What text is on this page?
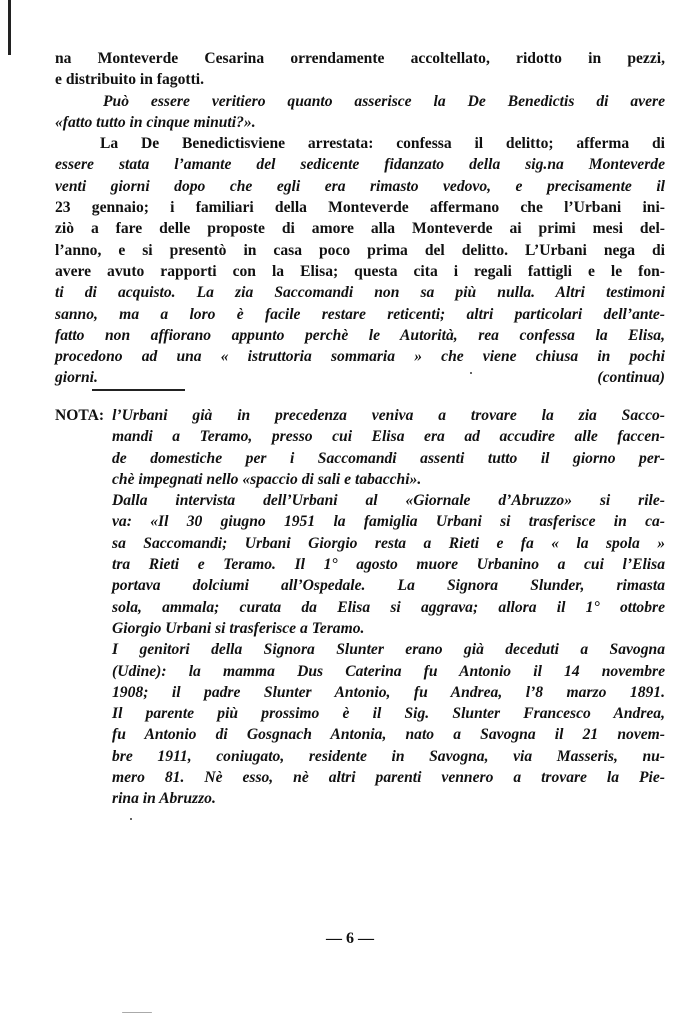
na Monteverde Cesarina orrendamente accoltellato, ridotto in pezzi,
e distribuito in fagotti.
Può essere veritiero quanto asserisce la De Benedictis di avere
«fatto tutto in cinque minuti?».
La De Benedictisviene arrestata: confessa il delitto; afferma di
essere stata l’amante del sedicente fidanzato della sig.na Monteverde
venti giorni dopo che egli era rimasto vedovo, e precisamente il
23 gennaio; i familiari della Monteverde affermano che l’Urbani ini-
ziò a fare delle proposte di amore alla Monteverde ai primi mesi del-
l’anno, e si presentò in casa poco prima del delitto. L’Urbani nega di
avere avuto rapporti con la Elisa; questa cita i regali fattigli e le fon-
ti di acquisto. La zia Saccomandi non sa più nulla. Altri testimoni
sanno, ma a loro è facile restare reticenti; altri particolari dell’ante-
fatto non affiorano appunto perchè le Autorità, rea confessa la Elisa,
procedono ad una « istruttoria sommaria » che viene chiusa in pochi
giorni.	(continua)
NOTA: l’Urbani già in precedenza veniva a trovare la zia Sacco-
mandi a Teramo, presso cui Elisa era ad accudire alle faccen-
de domestiche per i Saccomandi assenti tutto il giorno per-
chè impegnati nello «spaccio di sali e tabacchi».
Dalla intervista dell’Urbani al «Giornale d’Abruzzo» si rile-
va: «Il 30 giugno 1951 la famiglia Urbani si trasferisce in ca-
sa Saccomandi; Urbani Giorgio resta a Rieti e fa « la spola »
tra Rieti e Teramo. Il 1° agosto muore Urbanino a cui l’Elisa
portava dolciumi all’Ospedale. La Signora Slunder, rimasta
sola, ammala; curata da Elisa si aggrava; allora il 1° ottobre
Giorgio Urbani si trasferisce a Teramo.
I genitori della Signora Slunter erano già deceduti a Savogna
(Udine): la mamma Dus Caterina fu Antonio il 14 novembre
1908; il padre Slunter Antonio, fu Andrea, l’8 marzo 1891.
Il parente più prossimo è il Sig. Slunter Francesco Andrea,
fu Antonio di Gosgnach Antonia, nato a Savogna il 21 novem-
bre 1911, coniugato, residente in Savogna, via Masseris, nu-
mero 81. Nè esso, nè altri parenti vennero a trovare la Pie-
rina in Abruzzo.
— 6 —
